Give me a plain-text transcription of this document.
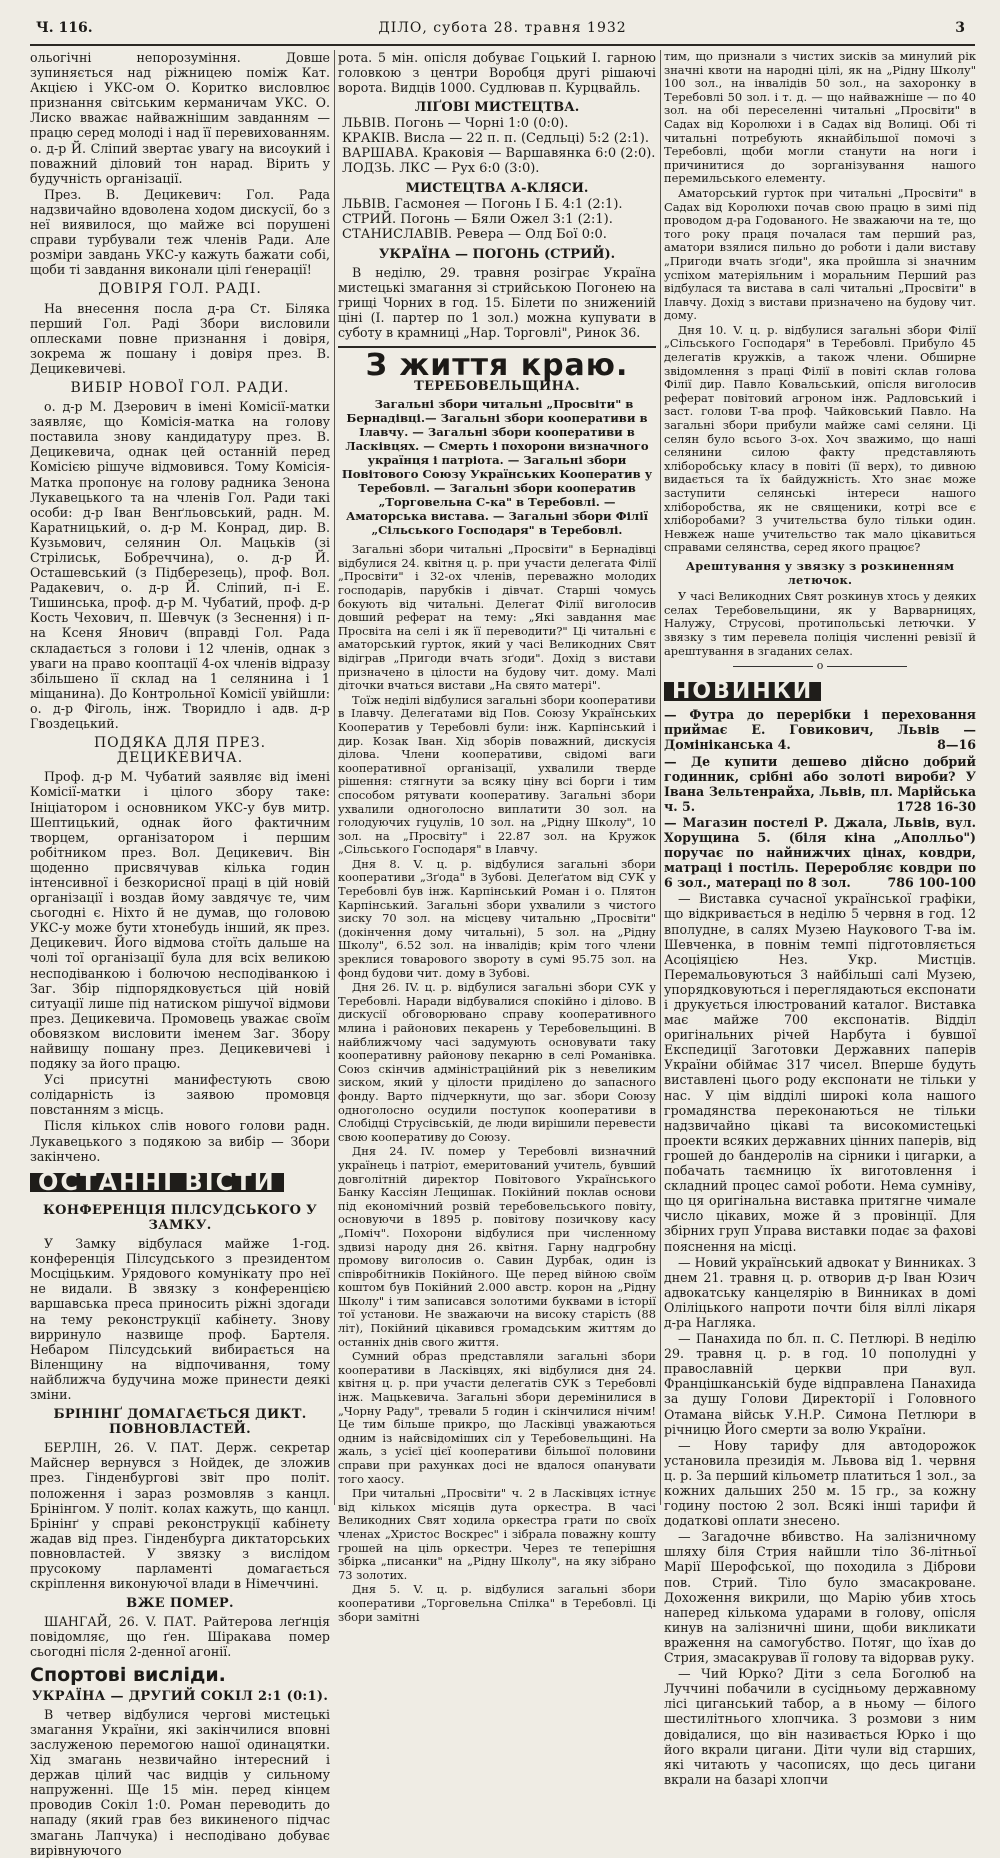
Ч. 116.	ДІЛО, субота 28. травня 1932	3

ольогічні непорозуміння. Довше зупиняється над ріжницею поміж Кат. Акцією і УКС-ом О. Коритко висловлює признання світським керманичам УКС. О. Лиско вважає найважнішим завданням — працю серед молоді і над її перевихованням. о. д-р Й. Сліпий звертає увагу на висоукий і поважний діловий тон нарад. Вірить у будучність організації.

През. В. Децикевич: Гол. Рада надзвичайно вдоволена ходом дискусії, бо з неї виявилося, що майже всі порушені справи турбували теж членів Ради. Але розміри завдань УКС-у кажуть бажати собі, щоби ті завдання виконали цілі ґенерації!

ДОВІРЯ ГОЛ. РАДІ.

На внесення посла д-ра Ст. Біляка перший Гол. Раді Збори висловили оплесками повне признання і довіря, зокрема ж пошану і довіря през. В. Децикевичеві.

ВИБІР НОВОЇ ГОЛ. РАДИ.

о. д-р М. Дзерович в імені Комісії-матки заявляє, що Комісія-матка на голову поставила знову кандидатуру през. В. Децикевича, однак цей останній перед Комісією рішуче відмовився. Тому Комісія-Матка пропонує на голову радника Зенона Лукавецького та на членів Гол. Ради такі особи: д-р Іван Венґльовський, радн. М. Каратницький, о. д-р М. Конрад, дир. В. Кузьмович, селянин Ол. Мацьків (зі Стрілиськ, Бобреччина), о. д-р Й. Осташевський (з Підберезець), проф. Вол. Радакевич, о. д-р Й. Сліпий, п-і Е. Тишинська, проф. д-р М. Чубатий, проф. д-р Кость Чехович, п. Шевчук (з Зеснення) і п-на Ксеня Янович (вправді Гол. Рада складається з голови і 12 членів, однак з уваги на право кооптації 4-ох членів відразу збільшено її склад на 1 селянина і 1 міщанина). До Контрольної Комісії увійшли: о. д-р Фіголь, інж. Творидло і адв. д-р Гвоздецький.

ПОДЯКА ДЛЯ ПРЕЗ. ДЕЦИКЕВИЧА.

Проф. д-р М. Чубатий заявляє від імені Комісії-матки і цілого збору таке: Ініціатором і основником УКС-у був митр. Шептицький, однак його фактичним творцем, організатором і першим робітником през. Вол. Децикевич. Він щоденно присвячував кілька годин інтенсивної і безкорисної праці в цій новій організації і воздав йому завдячує те, чим сьогодні є. Ніхто й не думав, що головою УКС-у може бути хтонебудь інший, як през. Децикевич. Його відмова стоїть дальше на чолі тої організації була для всіх великою несподіванкою і болючою несподіванкою і Заг. Збір підпорядковується цій новій ситуації лише під натиском рішучої відмови през. Децикевича. Промовець уважає своїм обовязком висловити іменем Заг. Збору найвищу пошану през. Децикевичеві і подяку за його працю.

Усі присутні манифестують свою солідарність із заявою промовця повстанням з місць.

Після кількох слів нового голови радн. Лукавецького з подякою за вибір — Збори закінчено.

ОСТАННІ ВІСТИ
КОНФЕРЕНЦІЯ ПІЛСУДСЬКОГО У ЗАМКУ.

У Замку відбулася майже 1-год. конференція Пілсудського з президентом Мосціцьким. Урядового комунікату про неї не видали. В звязку з конференцією варшавська преса приносить ріжні здогади на тему реконструкції кабінету. Знову вирринуло назвище проф. Бартеля. Небаром Пілсудський вибирається на Віленщину на відпочивання, тому найближча будучина може принести деякі зміни.

БРІНІНҐ ДОМАГАЄТЬСЯ ДИКТ. ПОВНОВЛАСТЕЙ.

БЕРЛІН, 26. V. ПАТ. Держ. секретар Майснер вернувся з Нойдек, де зложив през. Гінденбургові звіт про політ. положення і зараз розмовляв з канцл. Брінінгом. У політ. колах кажуть, що канцл. Брінінґ у справі реконструкції кабінету жадав від през. Гінденбурга диктаторських повновластей. У звязку з вислідом прусокому парламенті домагається скріплення виконуючої влади в Німеччині.

ВЖЕ ПОМЕР.

ШАНГАЙ, 26. V. ПАТ. Райтерова леґнція повідомляє, що ґен. Шіракава помер сьогодні після 2-денної агонії.

Спортові висліди.
УКРАЇНА — ДРУГИЙ СОКІЛ 2:1 (0:1).

В четвер відбулися чергові мистецькі змагання України, які закінчилися вповні заслуженою перемогою нашої одинацятки. Хід змагань незвичайно інтересний і держав цілий час видців у сильному напруженні. Ще 15 мін. перед кінцем проводив Сокіл 1:0. Роман переводить до нападу (який грав без викиненого підчас змагань Лапчука) і несподівано добуває вирівнуючого

рота. 5 мін. опісля добуває Гоцький I. гарною головкою з центри Воробця другі рішаючі ворота. Видців 1000. Судлював п. Курцвайль.

ЛІҐОВІ МИСТЕЦТВА.

ЛЬВІВ. Погонь — Чорні 1:0 (0:0).

КРАКІВ. Висла — 22 п. п. (Седльці) 5:2 (2:1).

ВАРШАВА. Краковія — Варшавянка 6:0 (2:0).

ЛОДЗЬ. ЛКС — Рух 6:0 (3:0).

МИСТЕЦТВА А-КЛЯСИ.

ЛЬВІВ. Гасмонея — Погонь І Б. 4:1 (2:1).

СТРИЙ. Погонь — Бяли Ожел 3:1 (2:1).

СТАНИСЛАВІВ. Ревера — Олд Бої 0:0.

УКРАЇНА — ПОГОНЬ (СТРИЙ).

В неділю, 29. травня розіграє Україна мистецькі змагання зі стрийською Погонею на грищі Чорних в год. 15. Білети по знижениій ціні (І. партер по 1 зол.) можна купувати в суботу в крамниці „Нар. Торговлі", Ринок 36.

З життя краю.
ТЕРЕБОВЕЛЬЩИНА.

Загальні збори читальні „Просвіти" в Бернадівці.— Загальні збори кооперативи в Ілавчу. — Загальні збори кооперативи в Ласківцях. — Смерть і похорони визначного українця і патріота. — Загальні збори Повітового Союзу Українських Кооператив у Теребовлі. — Загальні збори кооператив „Торговельна С-ка" в Теребовлі. — Аматорська вистава. — Загальні збори Філії „Сільського Господаря" в Теребовлі.

Загальні збори читальні „Просвіти" в Бернадівці відбулися 24. квітня ц. р. при участи делегата Філії „Просвіти" і 32-ох членів, переважно молодих господарів, парубків і дівчат. Старші чомусь бокують від читальні. Делегат Філії виголосив довший реферат на тему: „Які завдання має Просвіта на селі і як її переводити?" Ці читальні є аматорський гурток, який у часі Великодних Свят відіграв „Пригоди вчать зґоди". Дохід з вистави призначено в цілости на будову чит. дому. Малі діточки вчаться вистави „На свято матері".

Тоїж неділі відбулися загальні збори кооперативи в Ілавчу. Делегатами від Пов. Союзу Українських Кооператив у Теребовлі були: інж. Карпінський і дир. Козак Іван. Хід зборів поважний, дискусія ділова. Члени кооперативи, свідомі ваги кооперативної організації, ухвалили тверде рішення: стягнути за всяку ціну всі борги і тим способом рятувати кооперативу. Загальні збори ухвалили одноголосно виплатити 30 зол. на голодуючих гуцулів, 10 зол. на „Рідну Школу", 10 зол. на „Просвіту" і 22.87 зол. на Кружок „Сільського Господаря" в Ілавчу.

Дня 8. V. ц. р. відбулися загальні збори кооперативи „Зґода" в Зубові. Делеґатом від СУК у Теребовлі був інж. Карпінський Роман і о. Плятон Карпінський. Загальні збори ухвалили з чистого зиску 70 зол. на місцеву читальню „Просвіти" (докінчення дому читальні), 5 зол. на „Рідну Школу", 6.52 зол. на інвалідів; крім того члени зреклися товарового звороту в сумі 95.75 зол. на фонд будови чит. дому в Зубові.

Дня 26. IV. ц. р. відбулися загальні збори СУК у Теребовлі. Наради відбувалися спокійно і діловo. В дискусії обговорювано справу кооперативного млина і районових пекарень у Теребовельщині. В найближчому часі задумують основувати таку кооперативну районову пекарню в селі Романівка. Союз скінчив адміністраційний рік з невеликим зиском, який у цілости приділено до запасного фонду. Варто підчеркнути, що заг. збори Союзу одноголосно осудили поступок кооперативи в Слобідці Струсівській, де люди вирішили перевести свою кооперативу до Союзу.

Дня 24. IV. помер у Теребовлі визначний українець і патріот, емеритований учитель, бувший довголітній директор Повітового Українського Банку Кассіян Лещишак. Покійний поклав основи під економічний розвій теребовельського повіту, основуючи в 1895 р. повітову позичкову касу „Поміч". Похорони відбулися при численному здвизі народу дня 26. квітня. Гарну надгробну промову виголосив о. Савин Дурбак, один із співробітників Покійного. Ще перед війною своїм коштом був Покійний 2.000 австр. корон на „Рідну Школу" і тим записався золотими буквами в історії тої установи. Не зважаючи на високу старість (88 літ), Покійний цікавився громадським життям до останніх днів свого життя.

Сумний образ представляли загальні збори кооперативи в Ласківцях, які відбулися дня 24. квітня ц. р. при участи делегатів СУК з Теребовлі інж. Мацькевича. Загальні збори деремінилися в „Чорну Раду", тревали 5 годин і скінчилися нічим! Це тим більше прикро, що Ласківці уважаються одним із найсвідоміших сіл у Теребовельщині. На жаль, з усієї цієї кооперативи більшої половини справи при рахунках досі не вдалося опанувати того хаосу.

При читальні „Просвіти" ч. 2 в Ласківцях істнує від кількох місяців дута оркестра. В часі Великодних Свят ходила оркестра грати по своїх членах „Христос Воскрес" і зібрала поважну кошту грошей на ціль оркестри. Через те теперішня збірка „писанки" на „Рідну Школу", на яку зібрано 73 золотих.

Дня 5. V. ц. р. відбулися загальні збори кооперативи „Торговельна Спілка" в Теребовлі. Ці збори замітні

тим, що признали з чистих зисків за минулий рік значні квоти на народні цілі, як на „Рідну Школу" 100 зол., на інвалідів 50 зол., на захоронку в Теребовлі 50 зол. і т. д. — що найважніше — по 40 зол. на обі переселенні читальні „Просвіти" в Садах від Королюхи і в Садах від Волиці. Обі ті читальні потребують якнайбільшої помочі з Теребовлі, щоби могли станути на ноги і причинитися до зорганізування нашого перемильського елементу.

Аматорський гурток при читальні „Просвіти" в Садах від Королюхи почав свою працю в зимі під проводом д-ра Годованого. Не зважаючи на те, що того року праця почалася там перший раз, аматори взялися пильно до роботи і дали виставу „Пригоди вчать зґоди", яка пройшла зі значним успіхом матеріяльним і моральним Перший раз відбулася та вистава в салі читальні „Просвіти" в Ілавчу. Дохід з вистави призначено на будову чит. дому.

Дня 10. V. ц. р. відбулися загальні збори Філії „Сільського Господаря" в Теребовлі. Прибуло 45 делегатів кружків, а також члени. Обширне звідомлення з праці Філії в повіті склав голова Філії дир. Павло Ковальський, опісля виголосив реферат повітовий агроном інж. Радловський і заст. голови Т-ва проф. Чайковський Павло. На загальні збори прибули майже самі селяни. Ці селян було всього 3-ох. Хоч зважимо, що наші селянини силою факту представляють хліборобську класу в повіті (її верх), то дивною видається та їх байдужність. Хто знає може заступити селянські інтереси нашого хліборобства, як не священики, котрі все є хліборобами? З учительства було тільки один. Невжеж наше учительство так мало цікавиться справами селянства, серед якого працює?

Арештування у звязку з розкиненням летючок.

У часі Великодних Свят розкинув хтось у деяких селах Теребовельщини, як у Варварницях, Налужу, Струсові, протипольські летючки. У звязку з тим перевела поліція численні ревізії й арештування в згаданих селах.

o
НОВИНКИ

— Футра до перерібки і переховання приймає Е. Говикович, Львів — Домініканська 4.	8—16

— Де купити дешево дійсно добрий годинник, срібні або золоті вироби? У Івана Зельтенрайха, Львів, пл. Марійська ч. 5.	1728 16-30

— Магазин постелі Р. Джала, Львів, вул. Хорущина 5. (біля кіна „Аполльо") поручає по найнижчих цінах, ковдри, матраці і постіль. Переробляє ковдри по 6 зол., матераці по 8 зол.	786 100-100

— Виставка сучасної української графіки, що відкривається в неділю 5 червня в год. 12 вполудне, в салях Музею Наукового Т-ва ім. Шевченка, в повнім темпі підготовляється Асоціяцією Нез. Укр. Мистців. Перемальовуються 3 найбільші салі Музею, упорядковуються і переглядаються експонати і друкується ілюстрований каталог. Виставка має майже 700 експонатів. Відділ оригінальних річей Нарбута і бувшої Експедиції Заготовки Державних паперів України обіймає 317 чисел. Вперше будуть виставлені цього роду експонати не тільки у нас. У цім відділі широкі кола нашого громадянства переконаються не тільки надзвичайно цікаві та високомистецькі проекти всяких державних цінних паперів, від грошей до бандеролів на сірники і цигарки, а побачать таємницю їх виготовлення і складний процес самої роботи. Нема сумніву, що ця оригінальна виставка притягне чимале число цікавих, може й з провінції. Для збірних груп Управа виставки подає за фахові пояснення на місці.

— Новий український адвокат у Винниках. З днем 21. травня ц. р. отворив д-р Іван Юзич адвокатську канцелярію в Винниках в домі Оліліцького напроти почти біля віллі лікаря д-ра Нагляка.

— Панахида по бл. п. С. Петлюрі. В неділю 29. травня ц. р. в год. 10 пополудні у православній церкви при вул. Францішканській буде відправлена Панахида за душу Голови Директорії і Головного Отамана військ У.Н.Р. Симона Петлюри в річницю Його смерти за волю України.

— Нову тарифу для автодорожок установила президія м. Львова від 1. червня ц. р. За перший кільометр платиться 1 зол., за кожних дальших 250 м. 15 гр., за кожну годину постою 2 зол. Всякі інші тарифи й додаткові оплати знесено.

— Загадочне вбивство. На залізничному шляху біля Стрия найшли тіло 36-літньої Марії Шерофської, що походила з Діброви пов. Стрий. Тіло було змасакроване. Дохоження викрили, що Марію убив хтось наперед кількома ударами в голову, опісля кинув на залізничні шини, щоби викликати враження на самогубство. Потяг, що їхав до Стрия, змасакрував її голову та відорвав руку.

— Чий Юрко? Діти з села Боголюб на Луччині побачили в сусідньому державному лісі циганський табор, а в ньому — білого шестилітнього хлопчика. З розмови з ним довідалися, що він називається Юрко і що його вкрали цигани. Діти чули від старших, які читають у часописях, що десь цигани вкрали на базарі хлопчи
